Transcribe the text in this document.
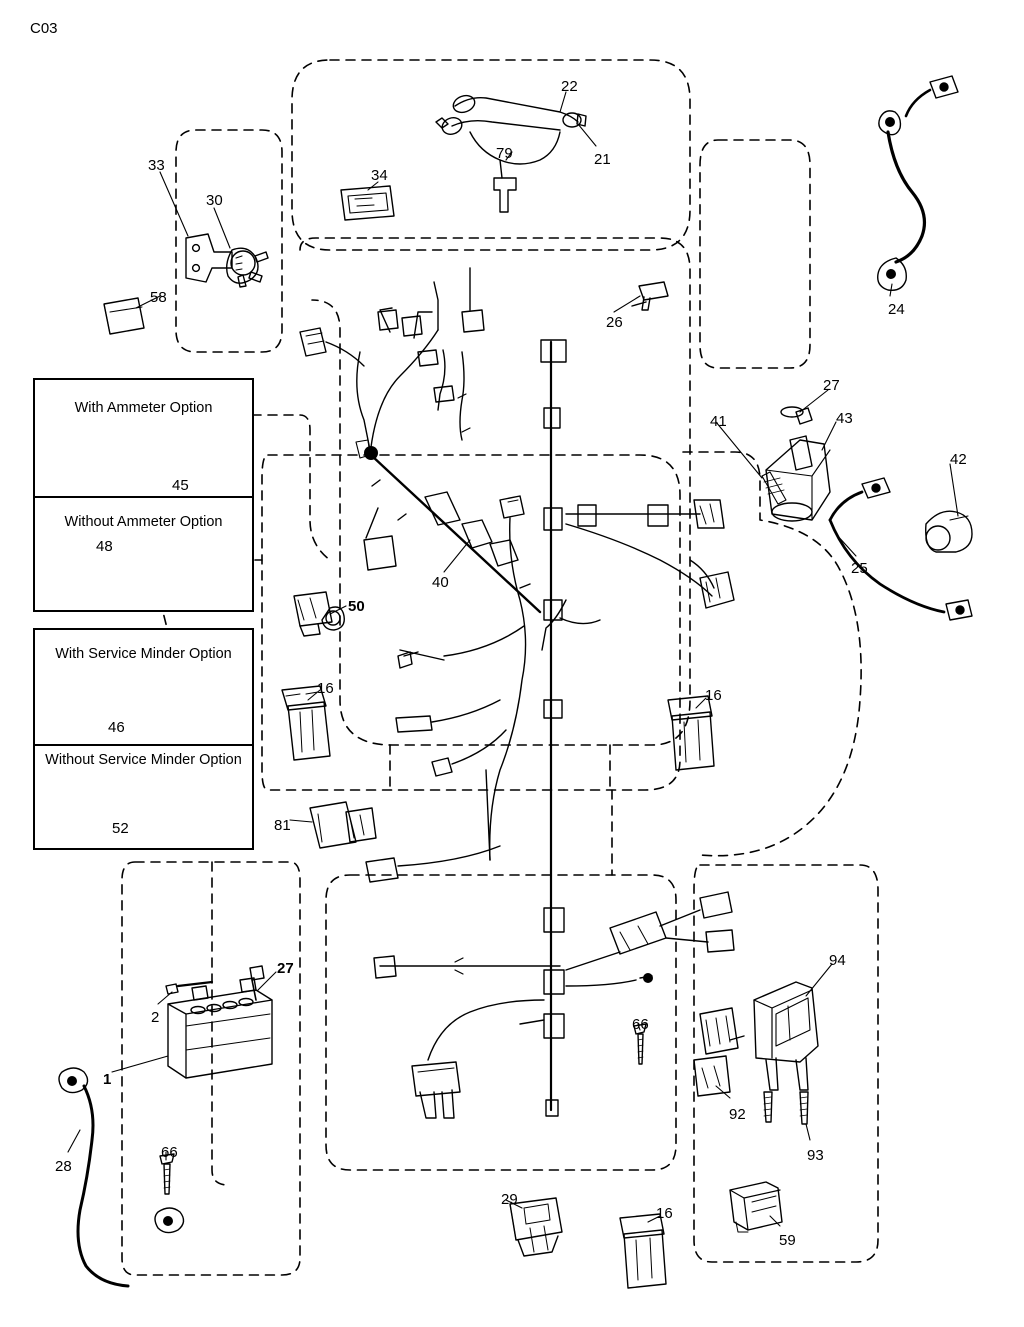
C03
With Ammeter Option
Without Ammeter Option
With Service Minder Option
Without Service Minder Option
33
30
58
34
22
79	21
24
26
27
41	43
42
25
45
48
46
52
40
50
16	16
81
27
2
1
28
66
66
94
92
93
29
16
59
